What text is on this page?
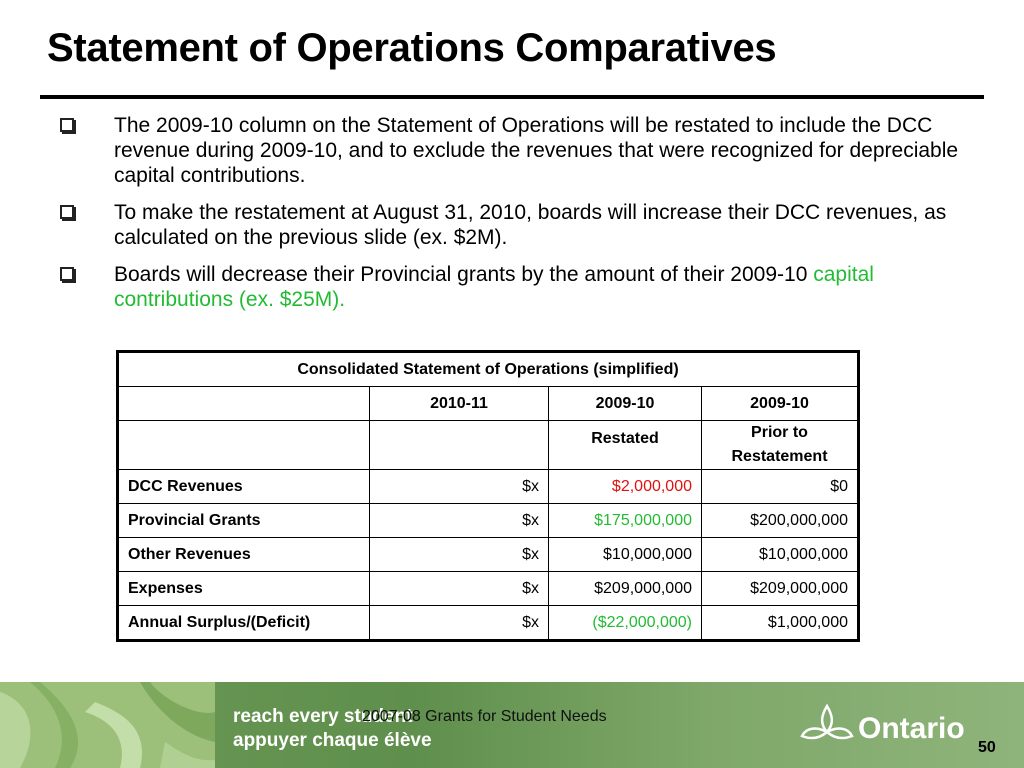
Statement of Operations Comparatives
The 2009-10 column on the Statement of Operations will be restated to include the DCC revenue during 2009-10, and to exclude the revenues that were recognized for depreciable capital contributions.
To make the restatement at August 31, 2010, boards will increase their DCC revenues, as calculated on the previous slide (ex. $2M).
Boards will decrease their Provincial grants by the amount of their 2009-10 capital contributions (ex. $25M).
Consolidated Statement of Operations (simplified)			
	2010-11	2009-10	2009-10
		Restated	Prior to Restatement
DCC Revenues	$x	$2,000,000	$0
Provincial Grants	$x	$175,000,000	$200,000,000
Other Revenues	$x	$10,000,000	$10,000,000
Expenses	$x	$209,000,000	$209,000,000
Annual Surplus/(Deficit)	$x	($22,000,000)	$1,000,000
reach every student
appuyer chaque élève
2007-08 Grants for Student Needs	Ontario
50
